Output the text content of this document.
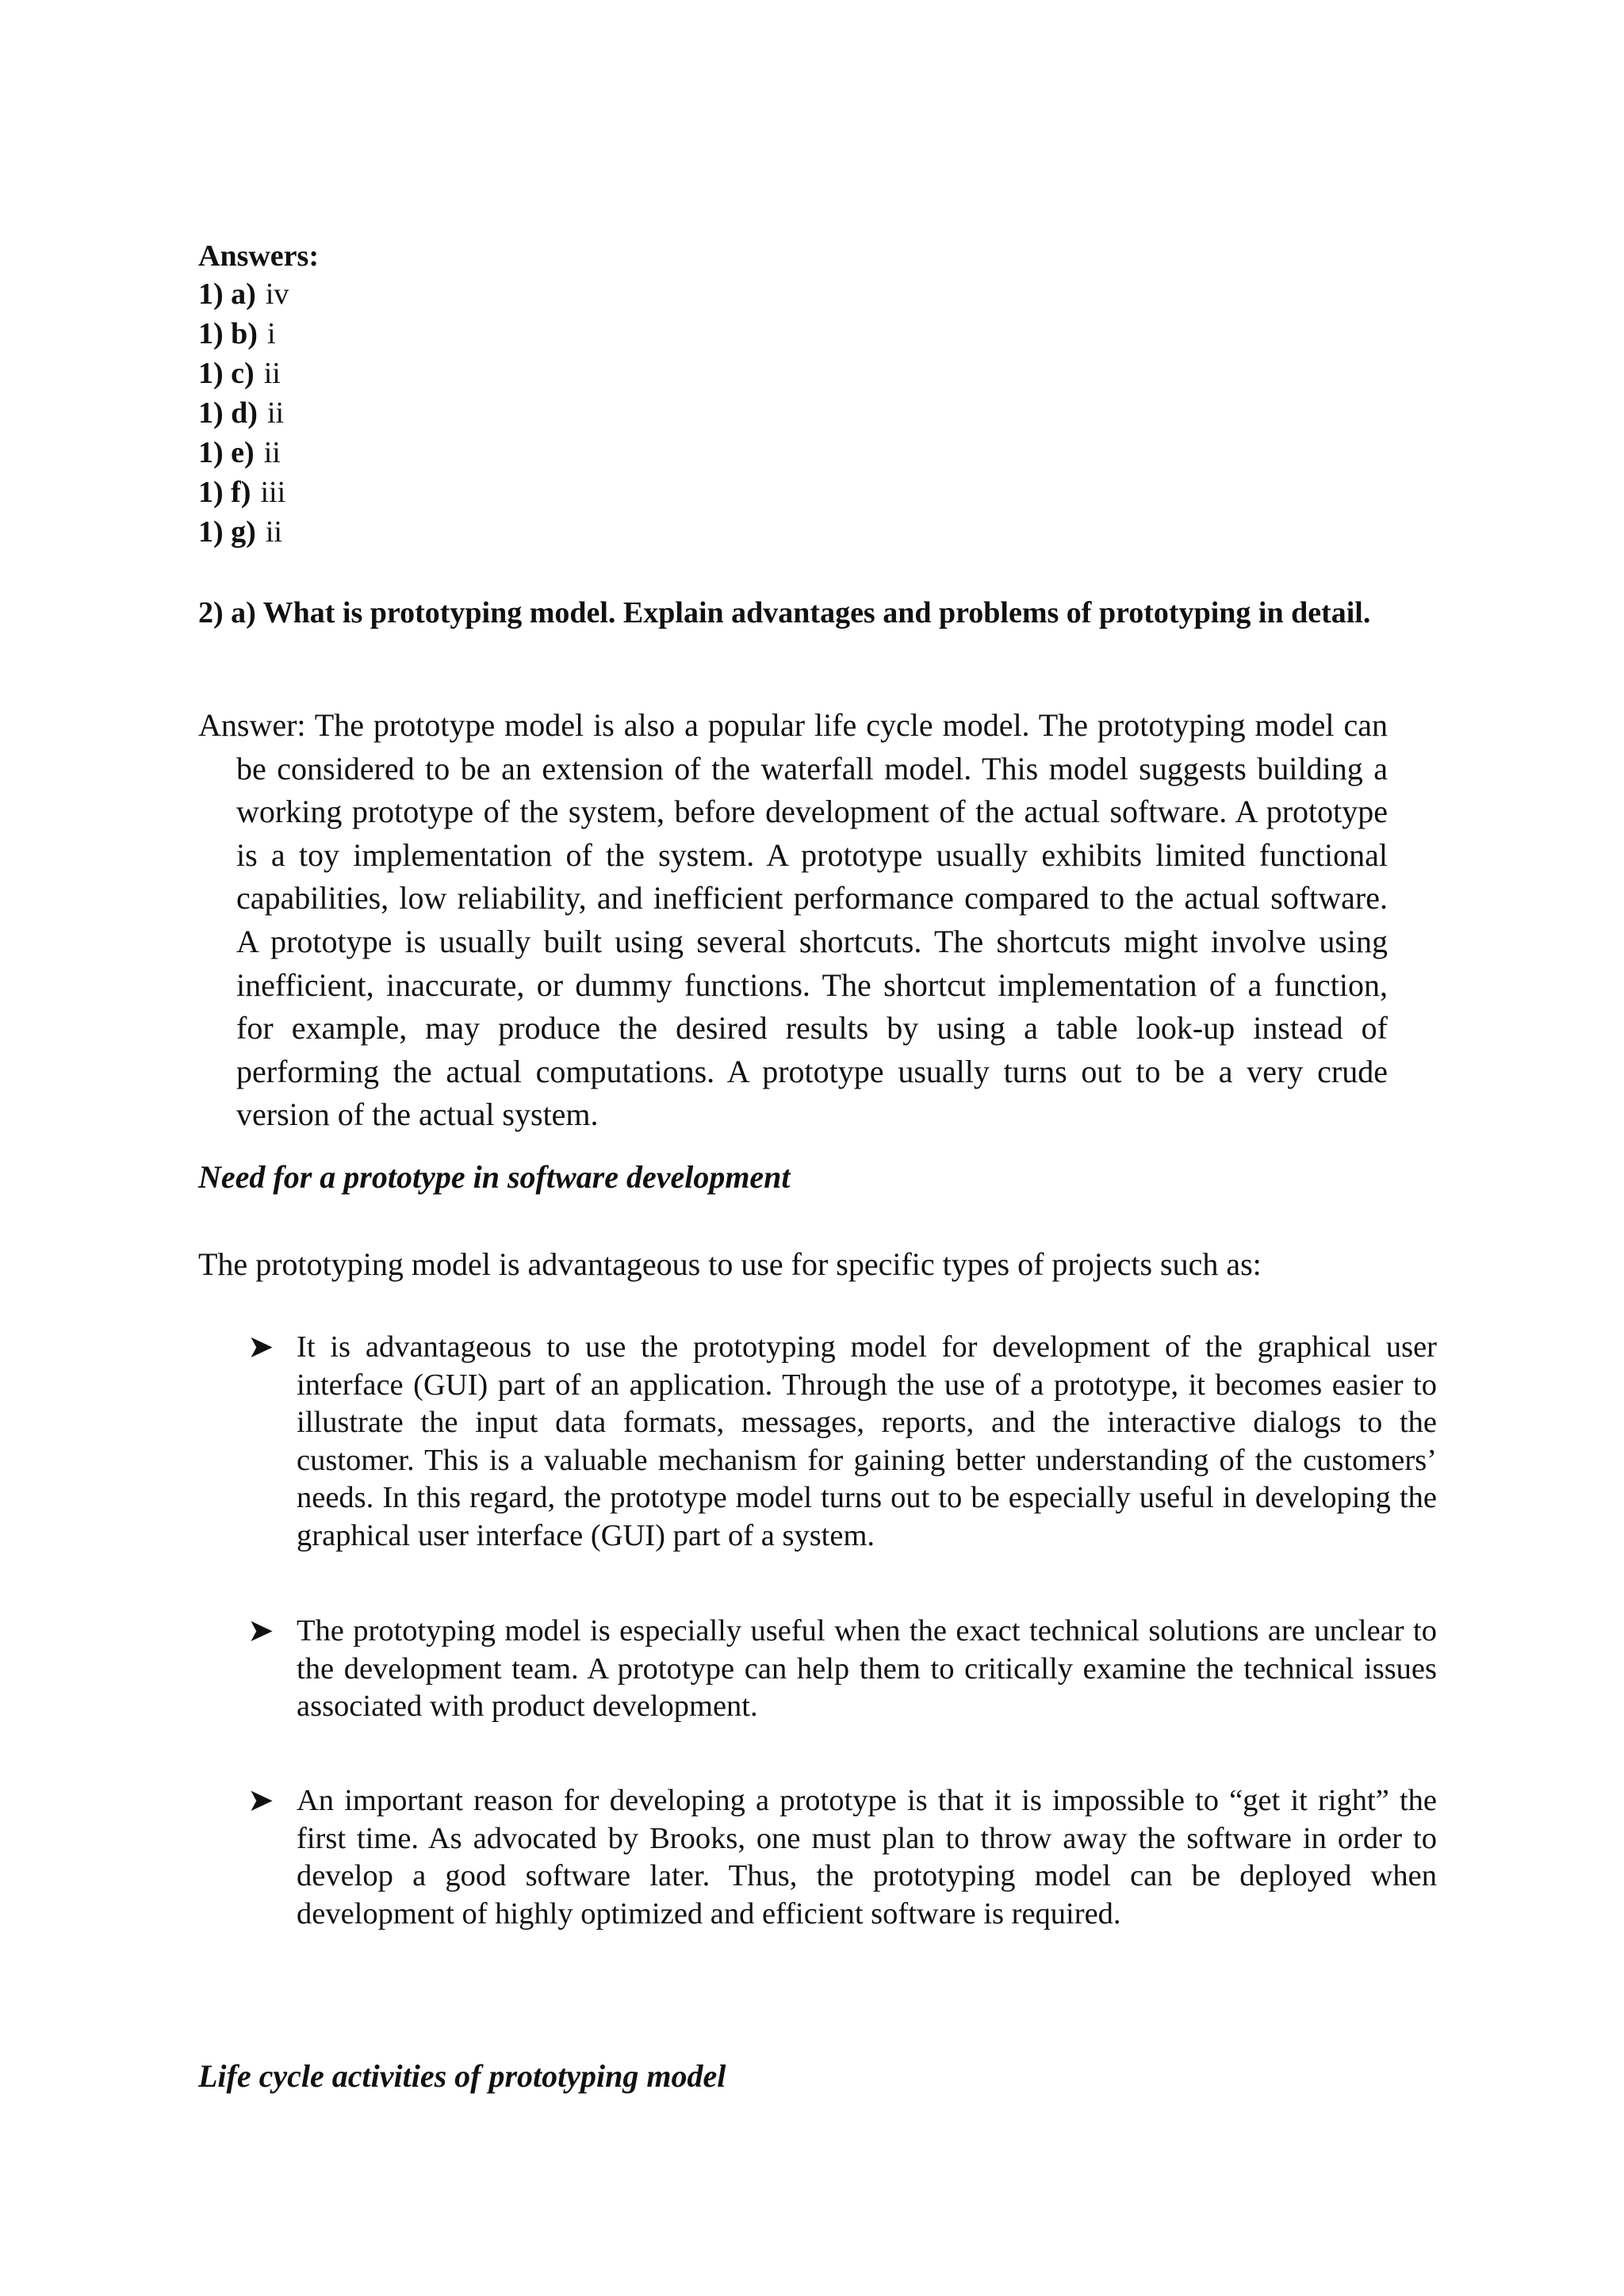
Answers:
1) a) iv
1) b) i
1) c) ii
1) d) ii
1) e) ii
1) f) iii
1) g) ii
2) a) What is prototyping model. Explain advantages and problems of prototyping in detail.

Answer: The prototype model is also a popular life cycle model. The prototyping model can be considered to be an extension of the waterfall model. This model suggests building a working prototype of the system, before development of the actual software. A prototype is a toy implementation of the system. A prototype usually exhibits limited functional capabilities, low reliability, and inefficient performance compared to the actual software. A prototype is usually built using several shortcuts. The shortcuts might involve using inefficient, inaccurate, or dummy functions. The shortcut implementation of a function, for example, may produce the desired results by using a table look-up instead of performing the actual computations. A prototype usually turns out to be a very crude version of the actual system.

Need for a prototype in software development
The prototyping model is advantageous to use for specific types of projects such as:
➤ It is advantageous to use the prototyping model for development of the graphical user interface (GUI) part of an application. Through the use of a prototype, it becomes easier to illustrate the input data formats, messages, reports, and the interactive dialogs to the customer. This is a valuable mechanism for gaining better understanding of the customers’ needs. In this regard, the prototype model turns out to be especially useful in developing the graphical user interface (GUI) part of a system.
➤ The prototyping model is especially useful when the exact technical solutions are unclear to the development team. A prototype can help them to critically examine the technical issues associated with product development.
➤ An important reason for developing a prototype is that it is impossible to “get it right” the first time. As advocated by Brooks, one must plan to throw away the software in order to develop a good software later. Thus, the prototyping model can be deployed when development of highly optimized and efficient software is required.
Life cycle activities of prototyping model
